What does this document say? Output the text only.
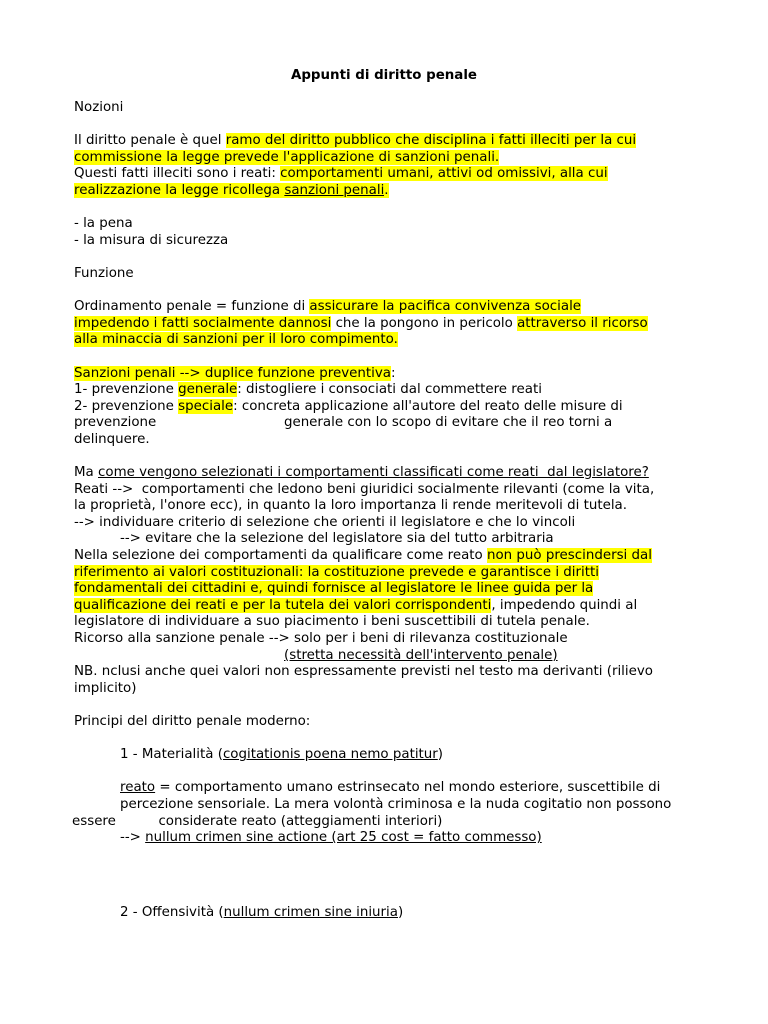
Appunti di diritto penale
Nozioni
Il diritto penale è quel ramo del diritto pubblico che disciplina i fatti illeciti per la cui
commissione la legge prevede l'applicazione di sanzioni penali.
Questi fatti illeciti sono i reati: comportamenti umani, attivi od omissivi, alla cui
realizzazione la legge ricollega sanzioni penali.
- la pena
- la misura di sicurezza
Funzione
Ordinamento penale = funzione di assicurare la pacifica convivenza sociale
impedendo i fatti socialmente dannosi che la pongono in pericolo attraverso il ricorso
alla minaccia di sanzioni per il loro compimento.
Sanzioni penali --> duplice funzione preventiva:
1- prevenzione generale: distogliere i consociati dal commettere reati
2- prevenzione speciale: concreta applicazione all'autore del reato delle misure di
prevenzione                              generale con lo scopo di evitare che il reo torni a
delinquere.
Ma come vengono selezionati i comportamenti classificati come reati  dal legislatore?
Reati -->  comportamenti che ledono beni giuridici socialmente rilevanti (come la vita,
la proprietà, l'onore ecc), in quanto la loro importanza li rende meritevoli di tutela.
--> individuare criterio di selezione che orienti il legislatore e che lo vincoli
--> evitare che la selezione del legislatore sia del tutto arbitraria
Nella selezione dei comportamenti da qualificare come reato non può prescindersi dal
riferimento ai valori costituzionali: la costituzione prevede e garantisce i diritti
fondamentali dei cittadini e, quindi fornisce al legislatore le linee guida per la
qualificazione dei reati e per la tutela dei valori corrispondenti, impedendo quindi al
legislatore di individuare a suo piacimento i beni suscettibili di tutela penale.
Ricorso alla sanzione penale --> solo per i beni di rilevanza costituzionale
(stretta necessità dell'intervento penale)
NB. nclusi anche quei valori non espressamente previsti nel testo ma derivanti (rilievo
implicito)
Principi del diritto penale moderno:
1 - Materialità (cogitationis poena nemo patitur)
reato = comportamento umano estrinsecato nel mondo esteriore, suscettibile di
percezione sensoriale. La mera volontà criminosa e la nuda cogitatio non possono
essere          considerate reato (atteggiamenti interiori)
--> nullum crimen sine actione (art 25 cost = fatto commesso)
2 - Offensività (nullum crimen sine iniuria)
